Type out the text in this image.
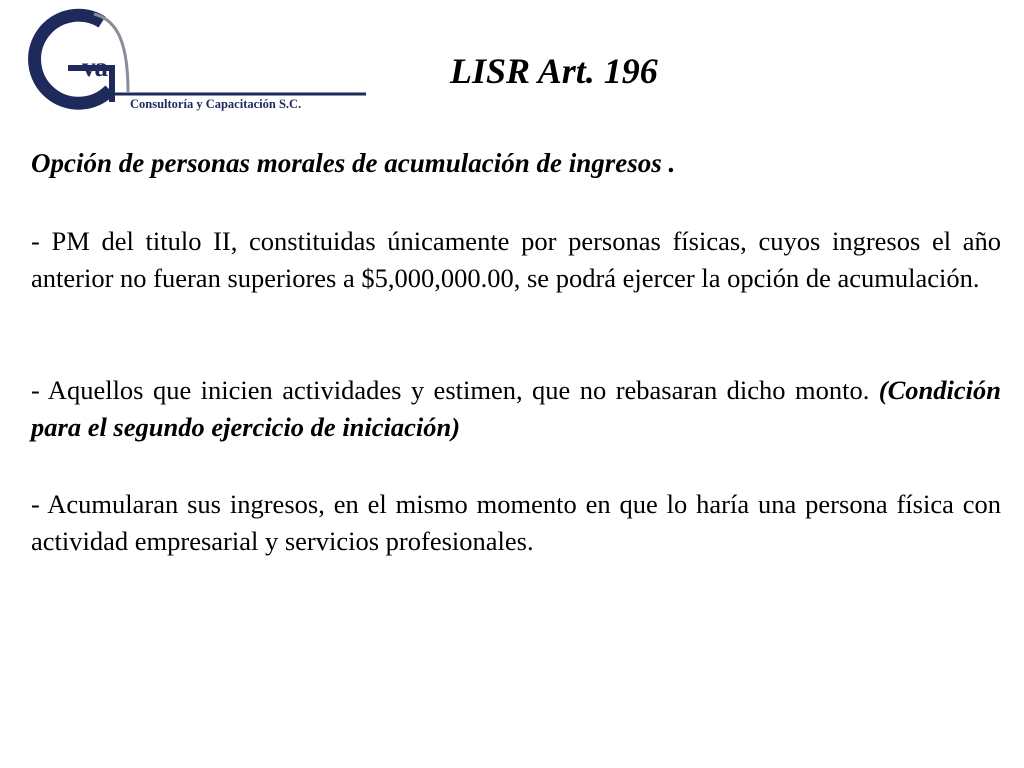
va
Consultoría y Capacitación S.C.
LISR Art. 196
Opción de personas morales de acumulación de ingresos .

- PM del titulo II, constituidas únicamente por personas físicas, cuyos ingresos el año anterior no fueran superiores a $5,000,000.00, se podrá ejercer la opción de acumulación.

- Aquellos que inicien actividades y estimen, que no rebasaran dicho monto. (Condición para el segundo ejercicio de iniciación)

- Acumularan sus ingresos, en el mismo momento en que lo haría una persona física con actividad empresarial y servicios profesionales.
